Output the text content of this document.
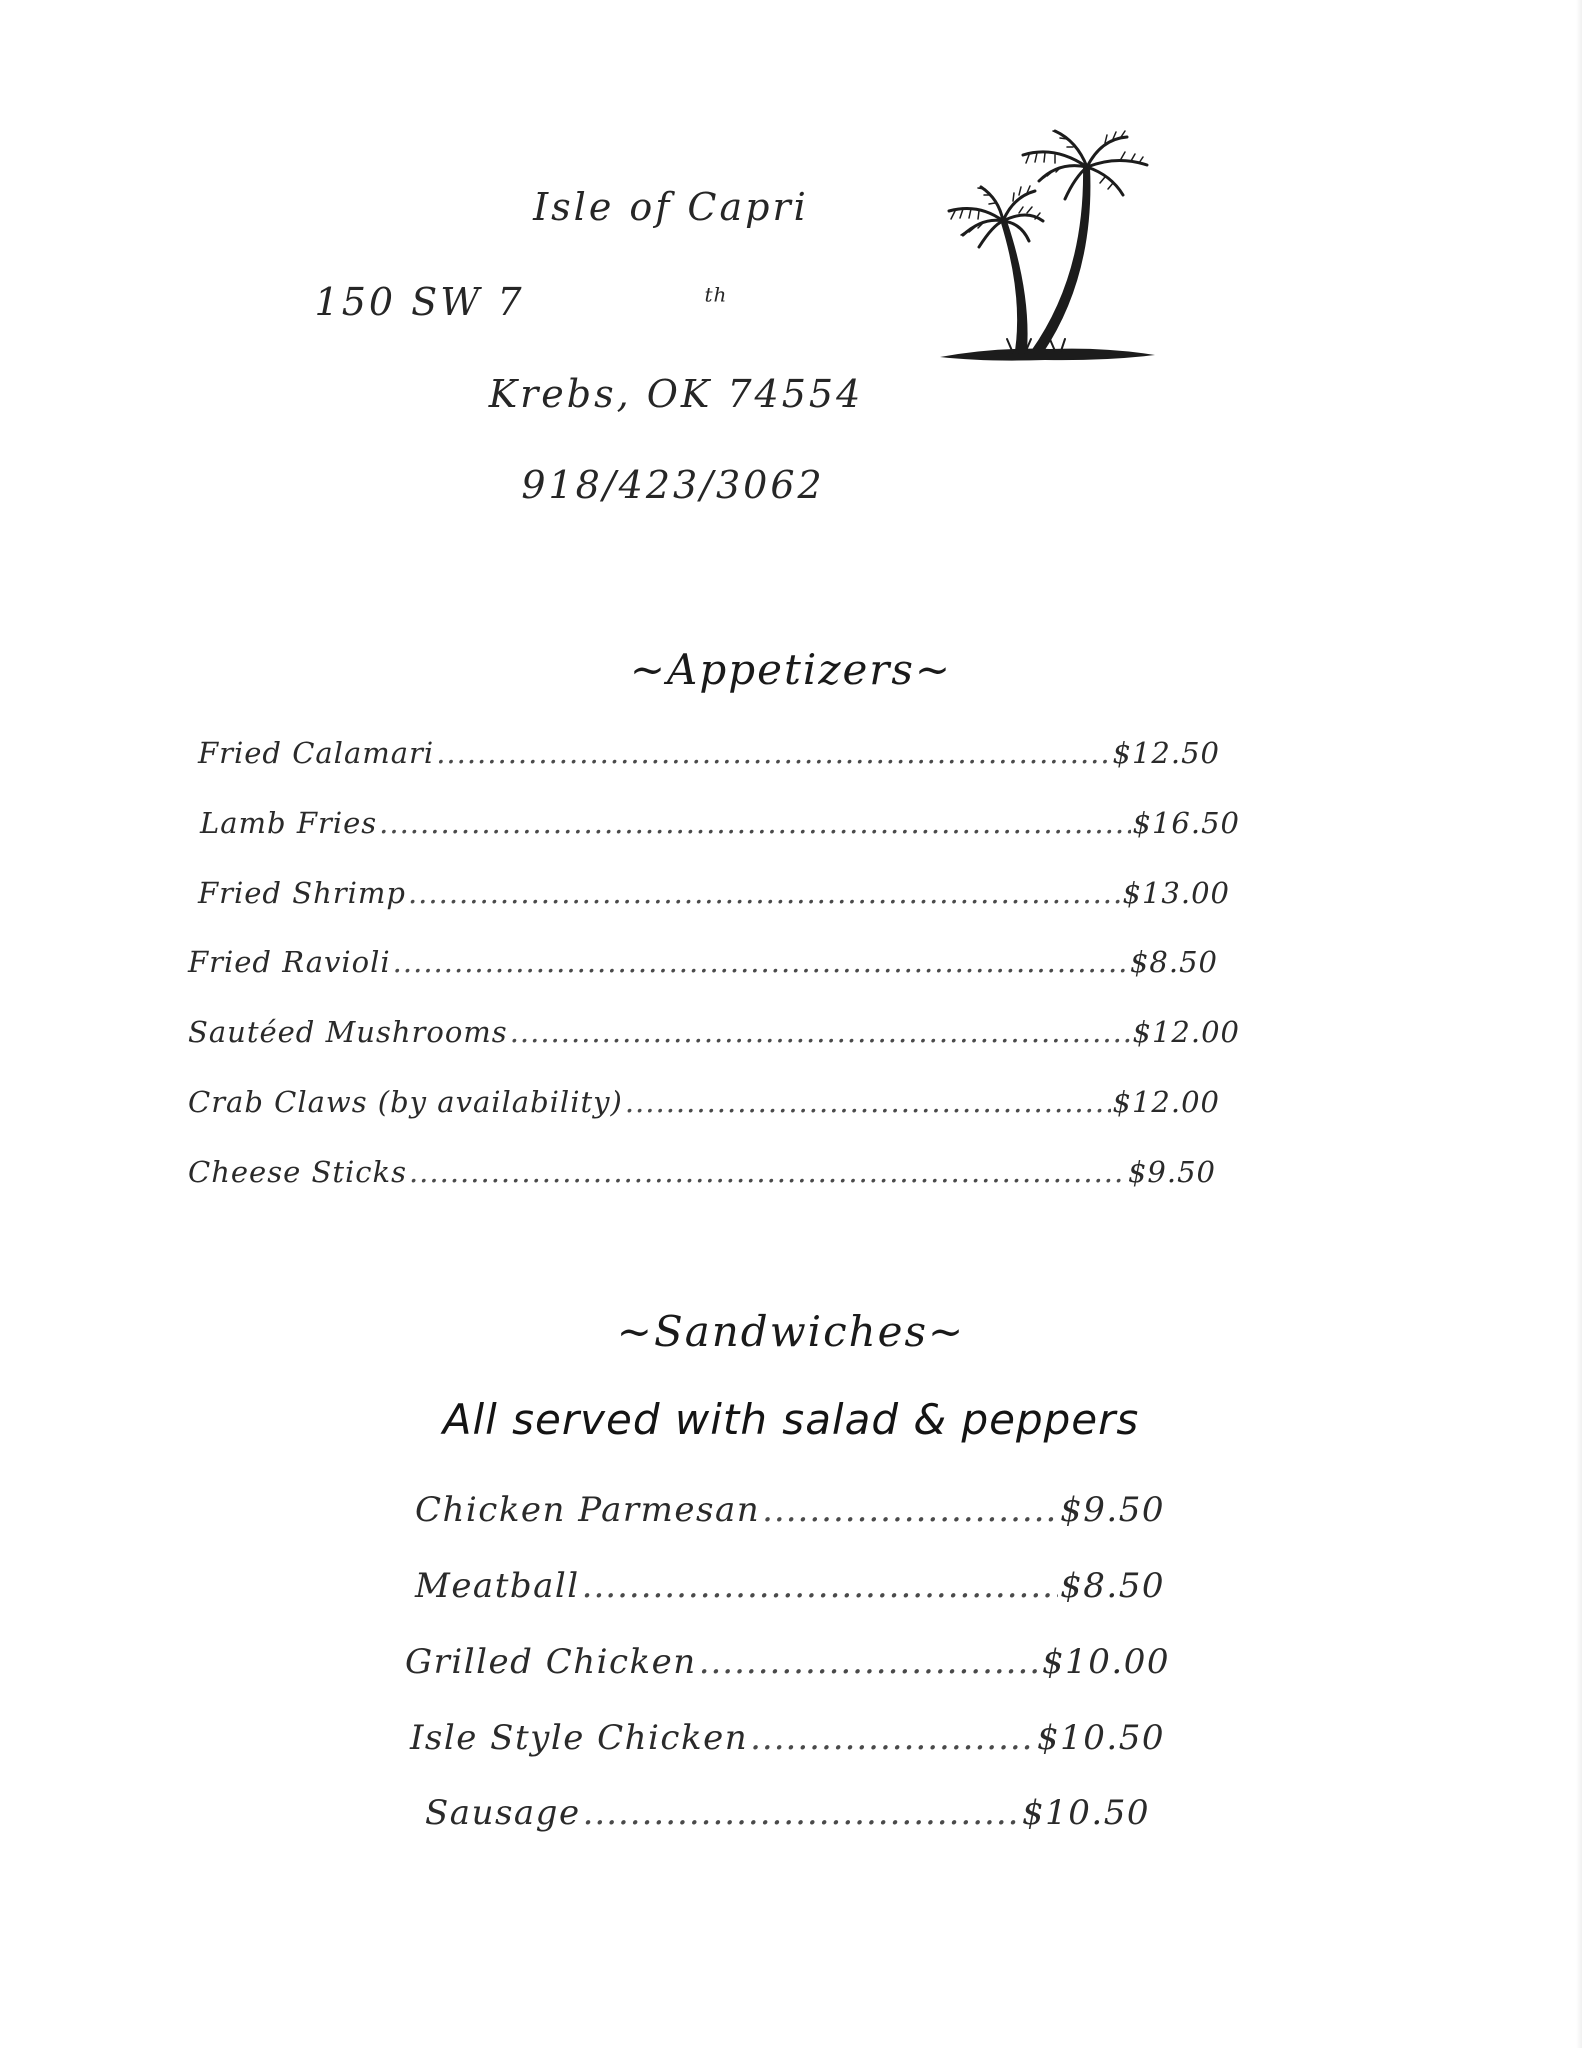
Isle of Capri
150 SW 7	$^{th}$
Krebs, OK 74554
918/423/3062
~Appetizers~
Fried Calamari .....	$12.50
Lamb Fries .....	$16.50
Fried Shrimp .....	$13.00
Fried Ravioli .....	$8.50
Sautéed Mushrooms .....	$12.00
Crab Claws (by availability) .....	$12.00
Cheese Sticks .....	$9.50
~Sandwiches~
All served with salad & peppers
Chicken Parmesan .....	$9.50
Meatball .....	$8.50
Grilled Chicken .....	$10.00
Isle Style Chicken .....	$10.50
Sausage .....	$10.50
